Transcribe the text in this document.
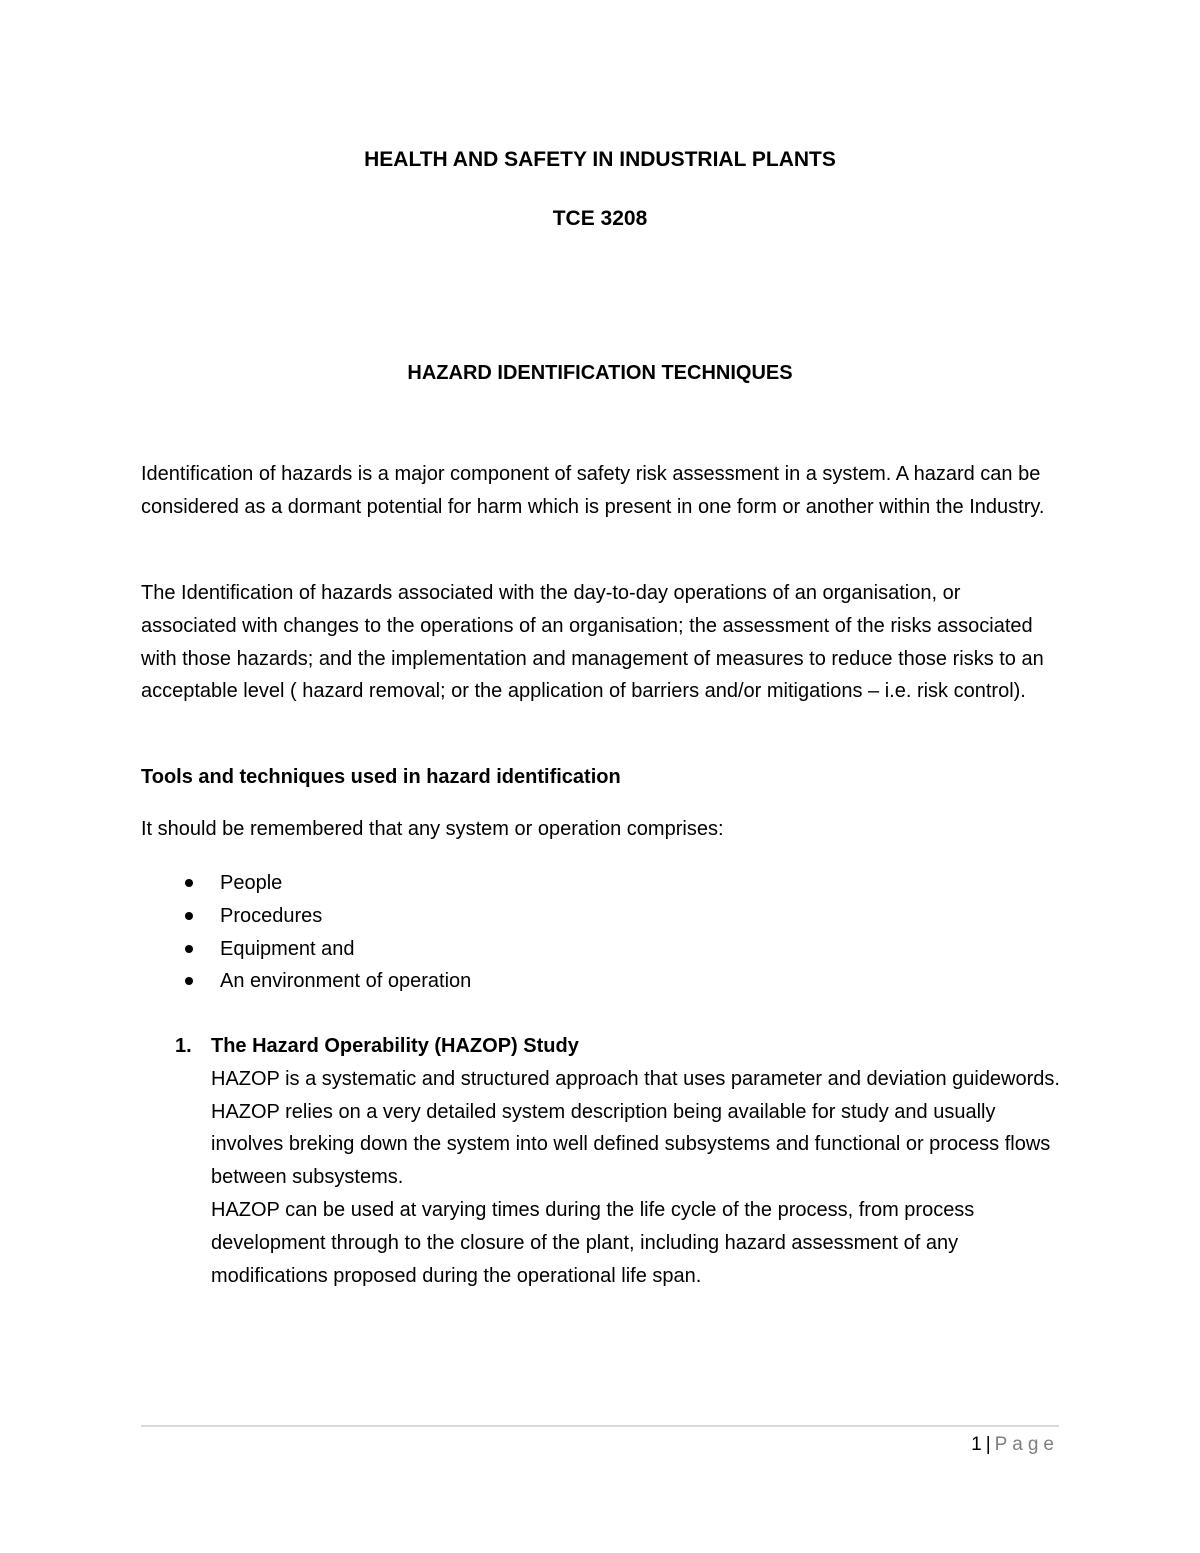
HEALTH AND SAFETY IN INDUSTRIAL PLANTS
TCE 3208
HAZARD IDENTIFICATION TECHNIQUES

Identification of hazards is a major component of safety risk assessment in a system. A hazard can be considered as a dormant potential for harm which is present in one form or another within the Industry.

The Identification of hazards associated with the day-to-day operations of an organisation, or associated with changes to the operations of an organisation; the assessment of the risks associated with those hazards; and the implementation and management of measures to reduce those risks to an acceptable level ( hazard removal; or the application of barriers and/or mitigations – i.e. risk control).

Tools and techniques used in hazard identification

It should be remembered that any system or operation comprises:

People
Procedures
Equipment and
An environment of operation
1. The Hazard Operability (HAZOP) Study

HAZOP is a systematic and structured approach that uses parameter and deviation guidewords. HAZOP relies on a very detailed system description being available for study and usually involves breking down the system into well defined subsystems and functional or process flows between subsystems.

HAZOP can be used at varying times during the life cycle of the process, from process development through to the closure of the plant, including hazard assessment of any modifications proposed during the operational life span.

1 | Page
